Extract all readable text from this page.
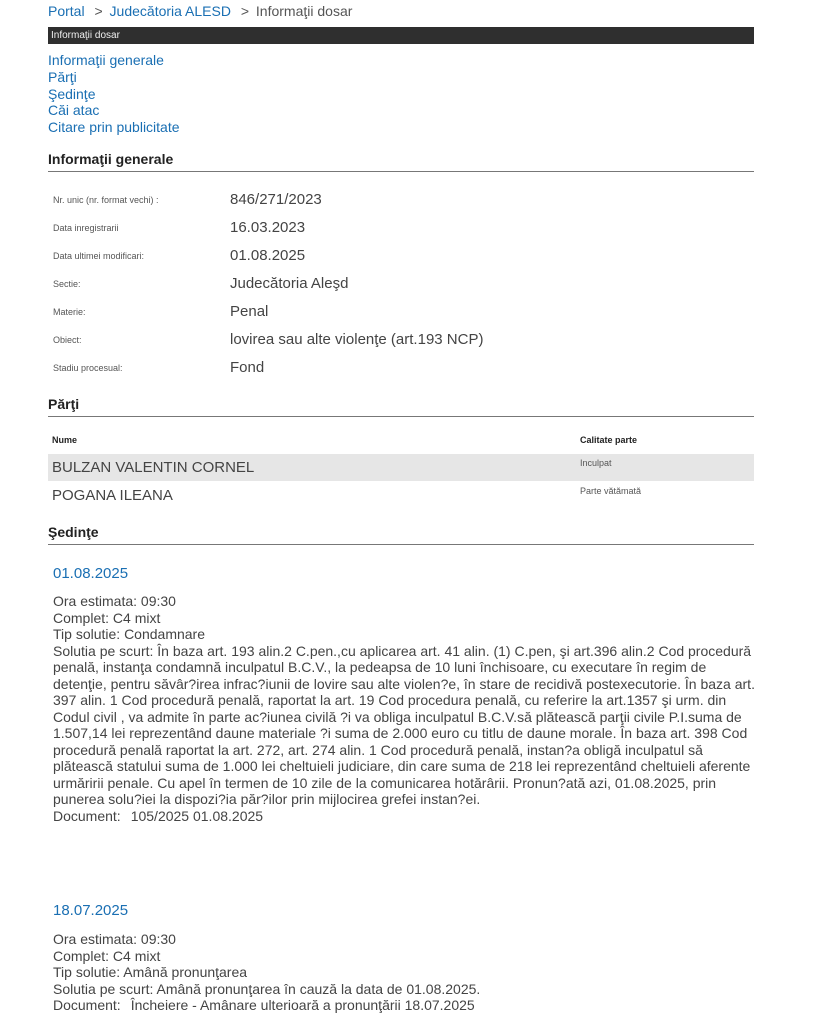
Portal > Judecătoria ALESD > Informaţii dosar
Informaţii dosar
Informaţii generale
Părţi
Şedinţe
Căi atac
Citare prin publicitate
Informaţii generale
Nr. unic (nr. format vechi) :	846/271/2023
Data inregistrarii	16.03.2023
Data ultimei modificari:	01.08.2025
Sectie:	Judecătoria Aleşd
Materie:	Penal
Obiect:	lovirea sau alte violenţe (art.193 NCP)
Stadiu procesual:	Fond
Părţi
Nume	Calitate parte
BULZAN VALENTIN CORNEL	Inculpat
POGANA ILEANA	Parte vătămată
Şedinţe
01.08.2025
Ora estimata: 09:30
Complet: C4 mixt
Tip solutie: Condamnare
Solutia pe scurt: În baza art. 193 alin.2 C.pen.,cu aplicarea art. 41 alin. (1) C.pen, şi art.396 alin.2 Cod procedură penală, instanţa condamnă inculpatul B.C.V., la pedeapsa de 10 luni închisoare, cu executare în regim de detenţie, pentru săvâr?irea infrac?iunii de lovire sau alte violen?e, în stare de recidivă postexecutorie. În baza art. 397 alin. 1 Cod procedură penală, raportat la art. 19 Cod procedura penală, cu referire la art.1357 şi urm. din Codul civil , va admite în parte ac?iunea civilă ?i va obliga inculpatul B.C.V.să plătească parţii civile P.I.suma de 1.507,14 lei reprezentând daune materiale ?i suma de 2.000 euro cu titlu de daune morale. În baza art. 398 Cod procedură penală raportat la art. 272, art. 274 alin. 1 Cod procedură penală, instan?a obligă inculpatul să plătească statului suma de 1.000 lei cheltuieli judiciare, din care suma de 218 lei reprezentând cheltuieli aferente urmăririi penale. Cu apel în termen de 10 zile de la comunicarea hotărârii. Pronun?ată azi, 01.08.2025, prin punerea solu?iei la dispozi?ia păr?ilor prin mijlocirea grefei instan?ei.
Document: 105/2025 01.08.2025
18.07.2025
Ora estimata: 09:30
Complet: C4 mixt
Tip solutie: Amână pronunţarea
Solutia pe scurt: Amână pronunţarea în cauză la data de 01.08.2025.
Document: Încheiere - Amânare ulterioară a pronunţării 18.07.2025
